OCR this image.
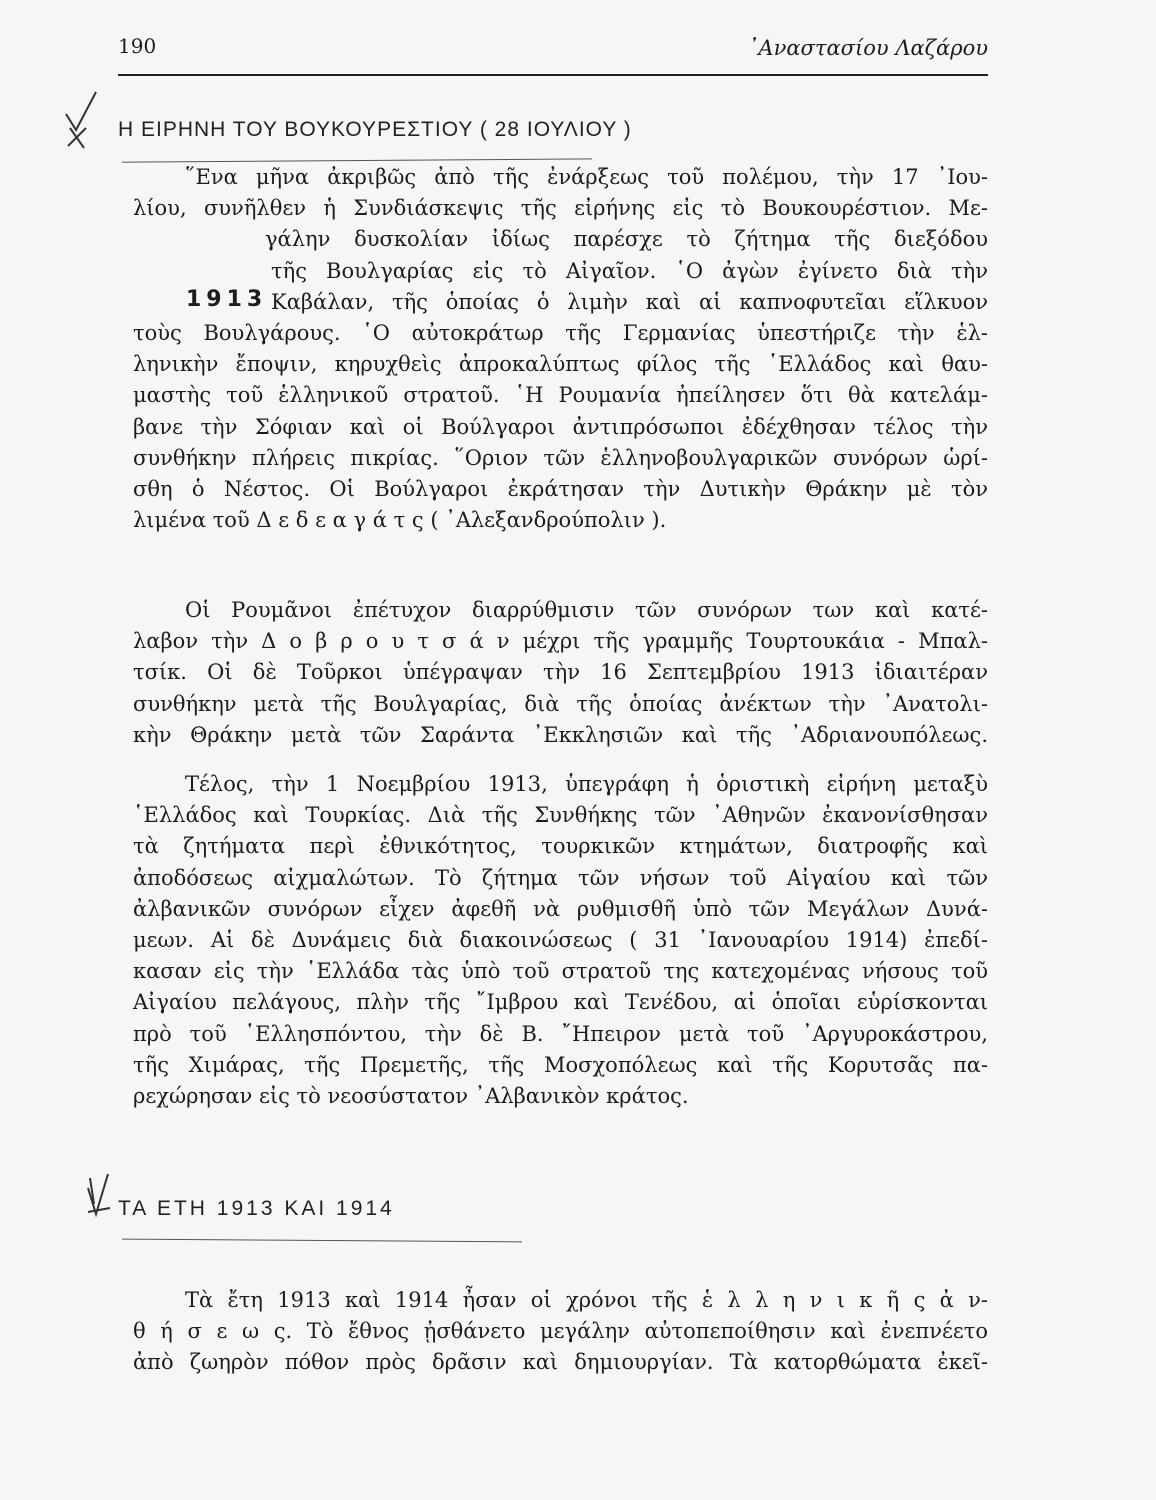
190	᾿Αναστασίου Λαζάρου
Η ΕΙΡΗΝΗ ΤΟΥ ΒΟΥΚΟΥΡΕΣΤΙΟΥ ( 28 ΙΟΥΛΙΟΥ )
1913
῞Ενα μῆνα ἀκριβῶς ἀπὸ τῆς ἐνάρξεως τοῦ πολέμου, τὴν 17 ᾿Ιου-
λίου, συνῆλθεν ἡ Συνδιάσκεψις τῆς εἰρήνης εἰς τὸ Βουκουρέστιον. Με-
γάλην δυσκολίαν ἰδίως παρέσχε τὸ ζήτημα τῆς διεξόδου
τῆς Βουλγαρίας εἰς τὸ Αἰγαῖον. ῾Ο ἀγὼν ἐγίνετο διὰ τὴν
Καβάλαν, τῆς ὁποίας ὁ λιμὴν καὶ αἱ καπνοφυτεῖαι εἵλκυον
τοὺς Βουλγάρους. ῾Ο αὐτοκράτωρ τῆς Γερμανίας ὑπεστήριζε τὴν ἑλ-
ληνικὴν ἔποψιν, κηρυχθεὶς ἀπροκαλύπτως φίλος τῆς ῾Ελλάδος καὶ θαυ-
μαστὴς τοῦ ἑλληνικοῦ στρατοῦ. ῾Η Ρουμανία ἠπείλησεν ὅτι θὰ κατελάμ-
βανε τὴν Σόφιαν καὶ οἱ Βούλγαροι ἀντιπρόσωποι ἐδέχθησαν τέλος τὴν
συνθήκην πλήρεις πικρίας. ῞Οριον τῶν ἑλληνοβουλγαρικῶν συνόρων ὡρί-
σθη ὁ Νέστος. Οἱ Βούλγαροι ἐκράτησαν τὴν Δυτικὴν Θράκην μὲ τὸν
λιμένα τοῦ Δ ε δ ε α γ ά τ ς ( ᾿Αλεξανδρούπολιν ).
Οἱ Ρουμᾶνοι ἐπέτυχον διαρρύθμισιν τῶν συνόρων των καὶ κατέ-
λαβον τὴν Δ ο β ρ ο υ τ σ ά ν μέχρι τῆς γραμμῆς Τουρτουκάια - Μπαλ-
τσίκ. Οἱ δὲ Τοῦρκοι ὑπέγραψαν τὴν 16 Σεπτεμβρίου 1913 ἰδιαιτέραν
συνθήκην μετὰ τῆς Βουλγαρίας, διὰ τῆς ὁποίας ἀνέκτων τὴν ᾿Ανατολι-
κὴν Θράκην μετὰ τῶν Σαράντα ᾿Εκκλησιῶν καὶ τῆς ᾿Αδριανουπόλεως.
Τέλος, τὴν 1 Νοεμβρίου 1913, ὑπεγράφη ἡ ὁριστικὴ εἰρήνη μεταξὺ
῾Ελλάδος καὶ Τουρκίας. Διὰ τῆς Συνθήκης τῶν ᾿Αθηνῶν ἐκανονίσθησαν
τὰ ζητήματα περὶ ἐθνικότητος, τουρκικῶν κτημάτων, διατροφῆς καὶ
ἀποδόσεως αἰχμαλώτων. Τὸ ζήτημα τῶν νήσων τοῦ Αἰγαίου καὶ τῶν
ἀλβανικῶν συνόρων εἶχεν ἀφεθῆ νὰ ρυθμισθῆ ὑπὸ τῶν Μεγάλων Δυνά-
μεων. Αἱ δὲ Δυνάμεις διὰ διακοινώσεως ( 31 ᾿Ιανουαρίου 1914) ἐπεδί-
κασαν εἰς τὴν ῾Ελλάδα τὰς ὑπὸ τοῦ στρατοῦ της κατεχομένας νήσους τοῦ
Αἰγαίου πελάγους, πλὴν τῆς ῎Ιμβρου καὶ Τενέδου, αἱ ὁποῖαι εὑρίσκονται
πρὸ τοῦ ῾Ελλησπόντου, τὴν δὲ Β. ῎Ηπειρον μετὰ τοῦ ᾿Αργυροκάστρου,
τῆς Χιμάρας, τῆς Πρεμετῆς, τῆς Μοσχοπόλεως καὶ τῆς Κορυτσᾶς πα-
ρεχώρησαν εἰς τὸ νεοσύστατον ᾿Αλβανικὸν κράτος.
ΤΑ ΕΤΗ 1913 ΚΑΙ 1914
Τὰ ἔτη 1913 καὶ 1914 ἦσαν οἱ χρόνοι τῆς ἑ λ λ η ν ι κ ῆ ς ἀ ν-
θ ή σ ε ω ς. Τὸ ἔθνος ᾐσθάνετο μεγάλην αὐτοπεποίθησιν καὶ ἐνεπνέετο
ἀπὸ ζωηρὸν πόθον πρὸς δρᾶσιν καὶ δημιουργίαν. Τὰ κατορθώματα ἐκεῖ-
